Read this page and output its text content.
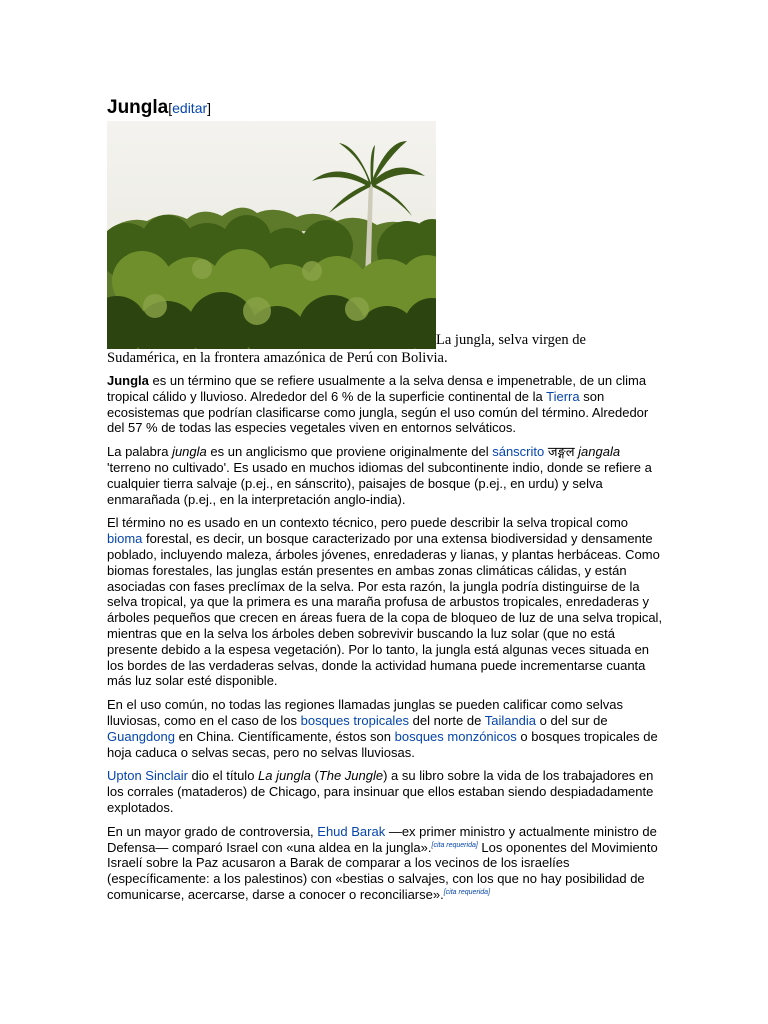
Jungla[editar]
La jungla, selva virgen de
Sudamérica, en la frontera amazónica de Perú con Bolivia.

Jungla es un término que se refiere usualmente a la selva densa e impenetrable, de un clima tropical cálido y lluvioso. Alrededor del 6 % de la superficie continental de la Tierra son ecosistemas que podrían clasificarse como jungla, según el uso común del término. Alrededor del 57 % de todas las especies vegetales viven en entornos selváticos.

La palabra jungla es un anglicismo que proviene originalmente del sánscrito जङ्गल jangala 'terreno no cultivado'. Es usado en muchos idiomas del subcontinente indio, donde se refiere a cualquier tierra salvaje (p.ej., en sánscrito), paisajes de bosque (p.ej., en urdu) y selva enmarañada (p.ej., en la interpretación anglo-india).

El término no es usado en un contexto técnico, pero puede describir la selva tropical como bioma forestal, es decir, un bosque caracterizado por una extensa biodiversidad y densamente poblado, incluyendo maleza, árboles jóvenes, enredaderas y lianas, y plantas herbáceas. Como biomas forestales, las junglas están presentes en ambas zonas climáticas cálidas, y están asociadas con fases preclímax de la selva. Por esta razón, la jungla podría distinguirse de la selva tropical, ya que la primera es una maraña profusa de arbustos tropicales, enredaderas y árboles pequeños que crecen en áreas fuera de la copa de bloqueo de luz de una selva tropical, mientras que en la selva los árboles deben sobrevivir buscando la luz solar (que no está presente debido a la espesa vegetación). Por lo tanto, la jungla está algunas veces situada en los bordes de las verdaderas selvas, donde la actividad humana puede incrementarse cuanta más luz solar esté disponible.

En el uso común, no todas las regiones llamadas junglas se pueden calificar como selvas lluviosas, como en el caso de los bosques tropicales del norte de Tailandia o del sur de Guangdong en China. Científicamente, éstos son bosques monzónicos o bosques tropicales de hoja caduca o selvas secas, pero no selvas lluviosas.

Upton Sinclair dio el título La jungla (The Jungle) a su libro sobre la vida de los trabajadores en los corrales (mataderos) de Chicago, para insinuar que ellos estaban siendo despiadadamente explotados.

En un mayor grado de controversia, Ehud Barak —ex primer ministro y actualmente ministro de Defensa— comparó Israel con «una aldea en la jungla».[cita requerida] Los oponentes del Movimiento Israelí sobre la Paz acusaron a Barak de comparar a los vecinos de los israelíes (específicamente: a los palestinos) con «bestias o salvajes, con los que no hay posibilidad de comunicarse, acercarse, darse a conocer o reconciliarse».[cita requerida]
